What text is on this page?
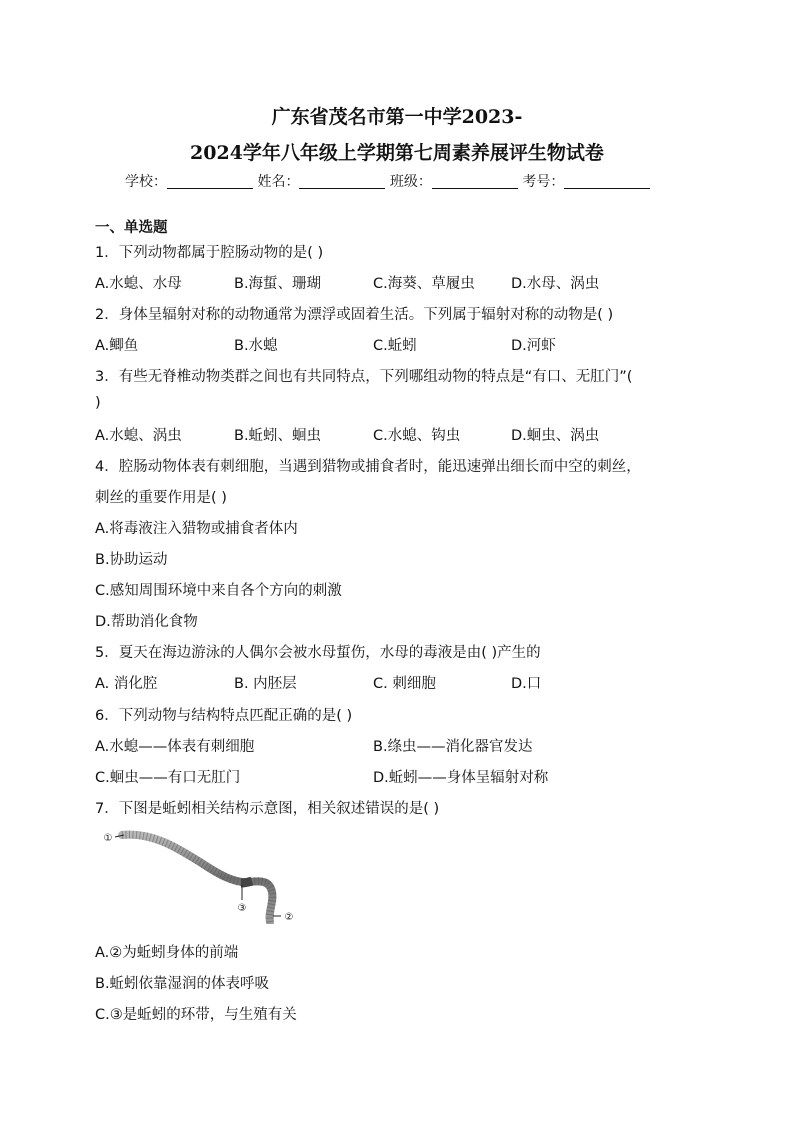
广东省茂名市第一中学2023-
2024学年八年级上学期第七周素养展评生物试卷
学校：	姓名：	班级：	考号：
一、单选题
1．下列动物都属于腔肠动物的是( )
A.水螅、水母	B.海蜇、珊瑚	C.海葵、草履虫	D.水母、涡虫
2．身体呈辐射对称的动物通常为漂浮或固着生活。下列属于辐射对称的动物是( )
A.鲫鱼	B.水螅	C.蚯蚓	D.河虾
3．有些无脊椎动物类群之间也有共同特点，下列哪组动物的特点是“有口、无肛门”(
)
A.水螅、涡虫	B.蚯蚓、蛔虫	C.水螅、钩虫	D.蛔虫、涡虫
4．腔肠动物体表有刺细胞，当遇到猎物或捕食者时，能迅速弹出细长而中空的刺丝，
刺丝的重要作用是( )
A.将毒液注入猎物或捕食者体内
B.协助运动
C.感知周围环境中来自各个方向的刺激
D.帮助消化食物
5．夏天在海边游泳的人偶尔会被水母蜇伤，水母的毒液是由( )产生的
A. 消化腔	B. 内胚层	C. 刺细胞	D.口
6．下列动物与结构特点匹配正确的是( )
A.水螅——体表有刺细胞	B.绦虫——消化器官发达
C.蛔虫——有口无肛门	D.蚯蚓——身体呈辐射对称
7．下图是蚯蚓相关结构示意图，相关叙述错误的是( )
①
③
②
A.②为蚯蚓身体的前端
B.蚯蚓依靠湿润的体表呼吸
C.③是蚯蚓的环带，与生殖有关
